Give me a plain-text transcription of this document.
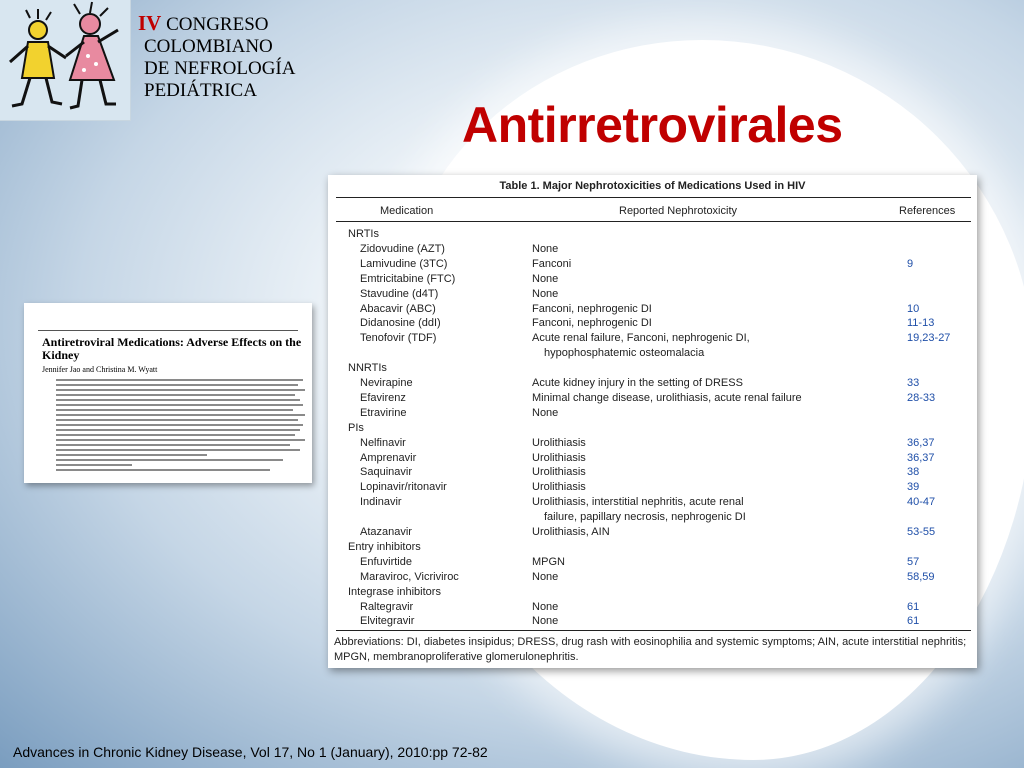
IV CONGRESO
COLOMBIANO
DE NEFROLOGÍA
PEDIÁTRICA
Antirretrovirales
Antiretroviral Medications: Adverse Effects on the Kidney
Jennifer Jao and Christina M. Wyatt
Table 1. Major Nephrotoxicities of Medications Used in HIV
Medication	Reported Nephrotoxicity	References
NRTIs
Zidovudine (AZT)	None
Lamivudine (3TC)	Fanconi	9
Emtricitabine (FTC)	None
Stavudine (d4T)	None
Abacavir (ABC)	Fanconi, nephrogenic DI	10
Didanosine (ddI)	Fanconi, nephrogenic DI	11-13
Tenofovir (TDF)	Acute renal failure, Fanconi, nephrogenic DI,	19,23-27
hypophosphatemic osteomalacia
NNRTIs
Nevirapine	Acute kidney injury in the setting of DRESS	33
Efavirenz	Minimal change disease, urolithiasis, acute renal failure	28-33
Etravirine	None
PIs
Nelfinavir	Urolithiasis	36,37
Amprenavir	Urolithiasis	36,37
Saquinavir	Urolithiasis	38
Lopinavir/ritonavir	Urolithiasis	39
Indinavir	Urolithiasis, interstitial nephritis, acute renal	40-47
failure, papillary necrosis, nephrogenic DI
Atazanavir	Urolithiasis, AIN	53-55
Entry inhibitors
Enfuvirtide	MPGN	57
Maraviroc, Vicriviroc	None	58,59
Integrase inhibitors
Raltegravir	None	61
Elvitegravir	None	61
Abbreviations: DI, diabetes insipidus; DRESS, drug rash with eosinophilia and systemic symptoms; AIN, acute interstitial nephritis; MPGN, membranoproliferative glomerulonephritis.
Advances in Chronic Kidney Disease, Vol 17, No 1 (January), 2010:pp 72-82
